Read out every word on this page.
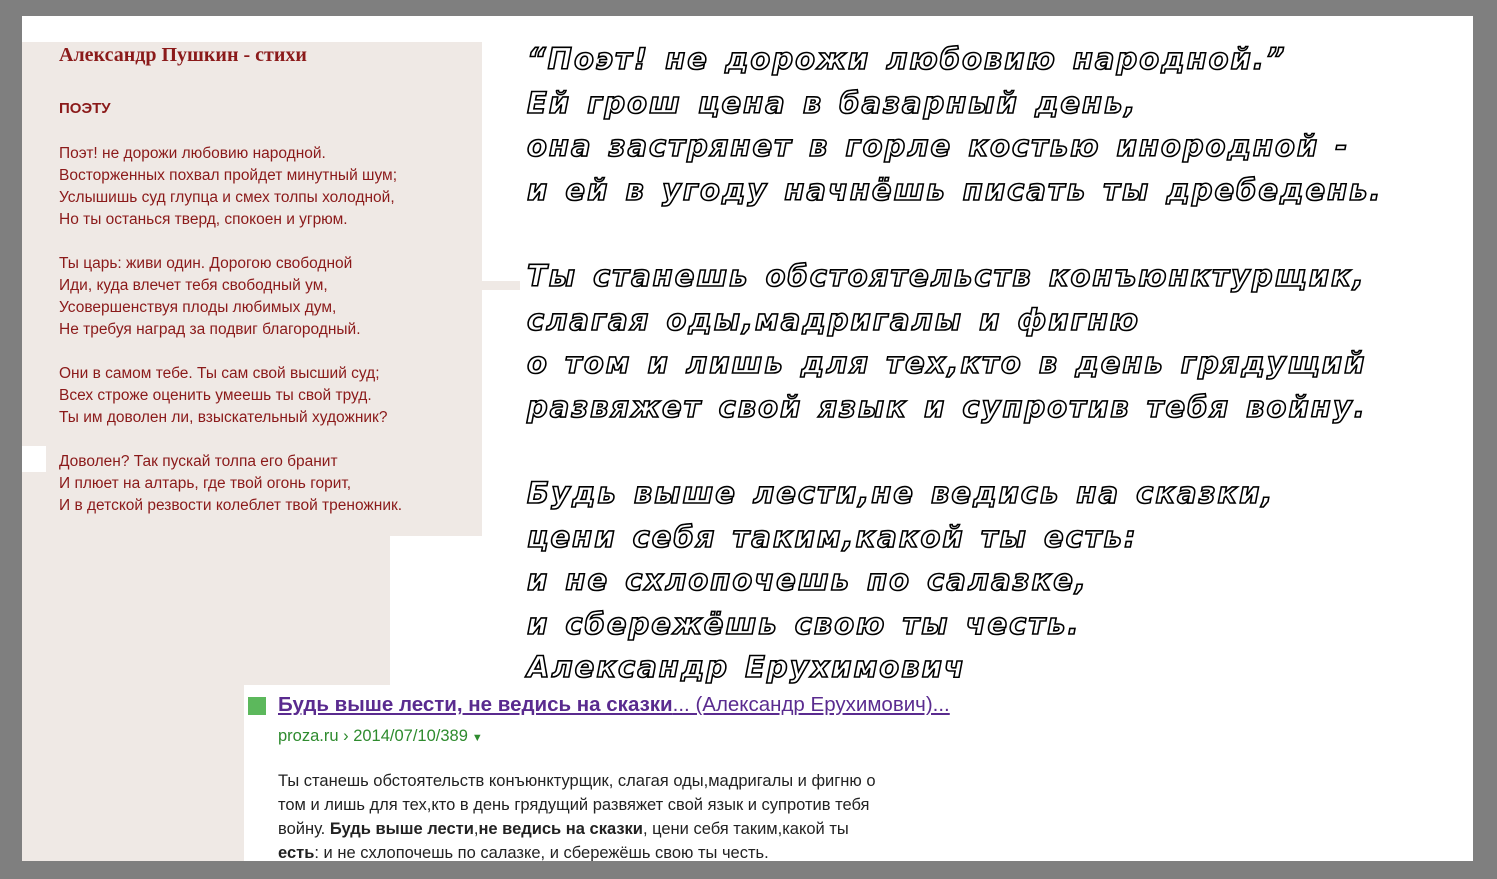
Александр Пушкин - стихи
ПОЭТУ

Поэт! не дорожи любовию народной.
Восторженных похвал пройдет минутный шум;
Услышишь суд глупца и смех толпы холодной,
Но ты останься тверд, спокоен и угрюм.

Ты царь: живи один. Дорогою свободной
Иди, куда влечет тебя свободный ум,
Усовершенствуя плоды любимых дум,
Не требуя наград за подвиг благородный.

Они в самом тебе. Ты сам свой высший суд;
Всех строже оценить умеешь ты свой труд.
Ты им доволен ли, взыскательный художник?

Доволен? Так пускай толпа его бранит
И плюет на алтарь, где твой огонь горит,
И в детской резвости колеблет твой треножник.

“Поэт! не дорожи любовию народной.”
Ей грош цена в базарный день,
она застрянет в горле костью инородной -
и ей в угоду начнёшь писать ты дребедень.

Ты станешь обстоятельств конъюнктурщик,
слагая оды,мадригалы и фигню
о том и лишь для тех,кто в день грядущий
развяжет свой язык и супротив тебя войну.

Будь выше лести,не ведись на сказки,
цени себя таким,какой ты есть:
и не схлопочешь по салазке,
и сбережёшь свою ты честь.
Александр Ерухимович

Будь выше лести, не ведись на сказки... (Александр Ерухимович)...
proza.ru › 2014/07/10/389 ▼
Ты станешь обстоятельств конъюнктурщик, слагая оды,мадригалы и фигню о
том и лишь для тех,кто в день грядущий развяжет свой язык и супротив тебя
войну. Будь выше лести,не ведись на сказки, цени себя таким,какой ты
есть: и не схлопочешь по салазке, и сбережёшь свою ты честь.
